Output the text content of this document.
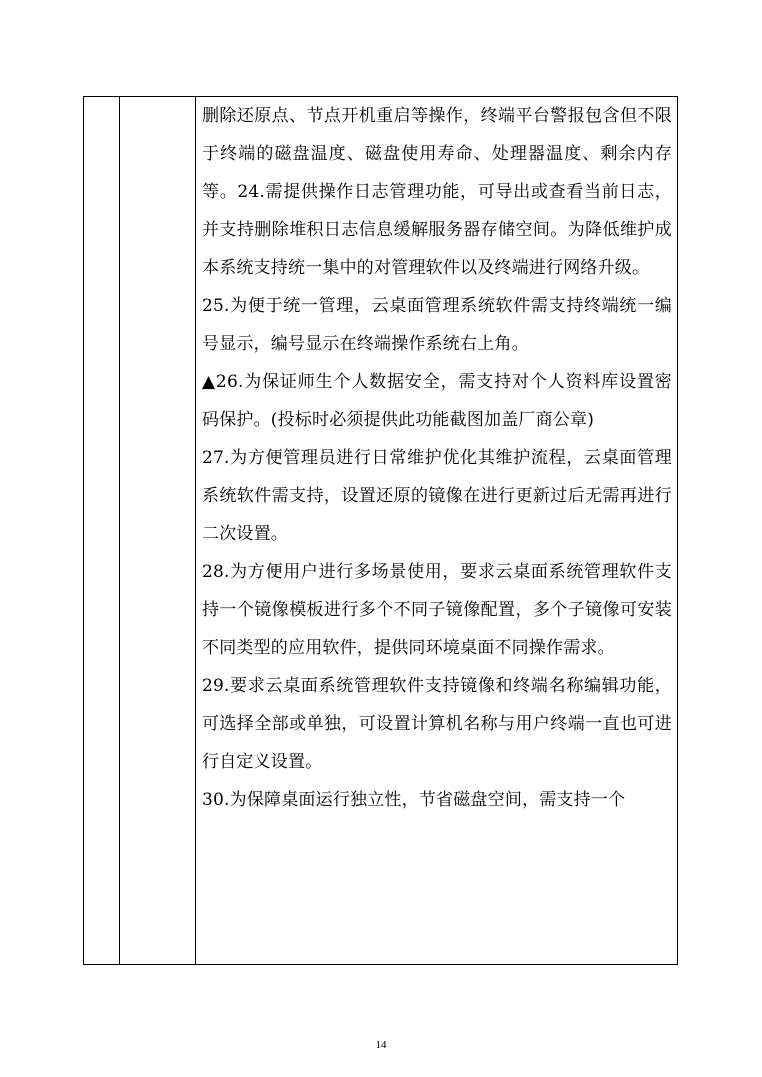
删除还原点、节点开机重启等操作，终端平台警报包含但不限于终端的磁盘温度、磁盘使用寿命、处理器温度、剩余内存等。24.需提供操作日志管理功能，可导出或查看当前日志，并支持删除堆积日志信息缓解服务器存储空间。为降低维护成本系统支持统一集中的对管理软件以及终端进行网络升级。

25.为便于统一管理，云桌面管理系统软件需支持终端统一编号显示，编号显示在终端操作系统右上角。

▲26.为保证师生个人数据安全，需支持对个人资料库设置密码保护。(投标时必须提供此功能截图加盖厂商公章)

27.为方便管理员进行日常维护优化其维护流程，云桌面管理系统软件需支持，设置还原的镜像在进行更新过后无需再进行二次设置。

28.为方便用户进行多场景使用，要求云桌面系统管理软件支持一个镜像模板进行多个不同子镜像配置，多个子镜像可安装不同类型的应用软件，提供同环境桌面不同操作需求。

29.要求云桌面系统管理软件支持镜像和终端名称编辑功能，可选择全部或单独，可设置计算机名称与用户终端一直也可进行自定义设置。

30.为保障桌面运行独立性，节省磁盘空间，需支持一个

14
